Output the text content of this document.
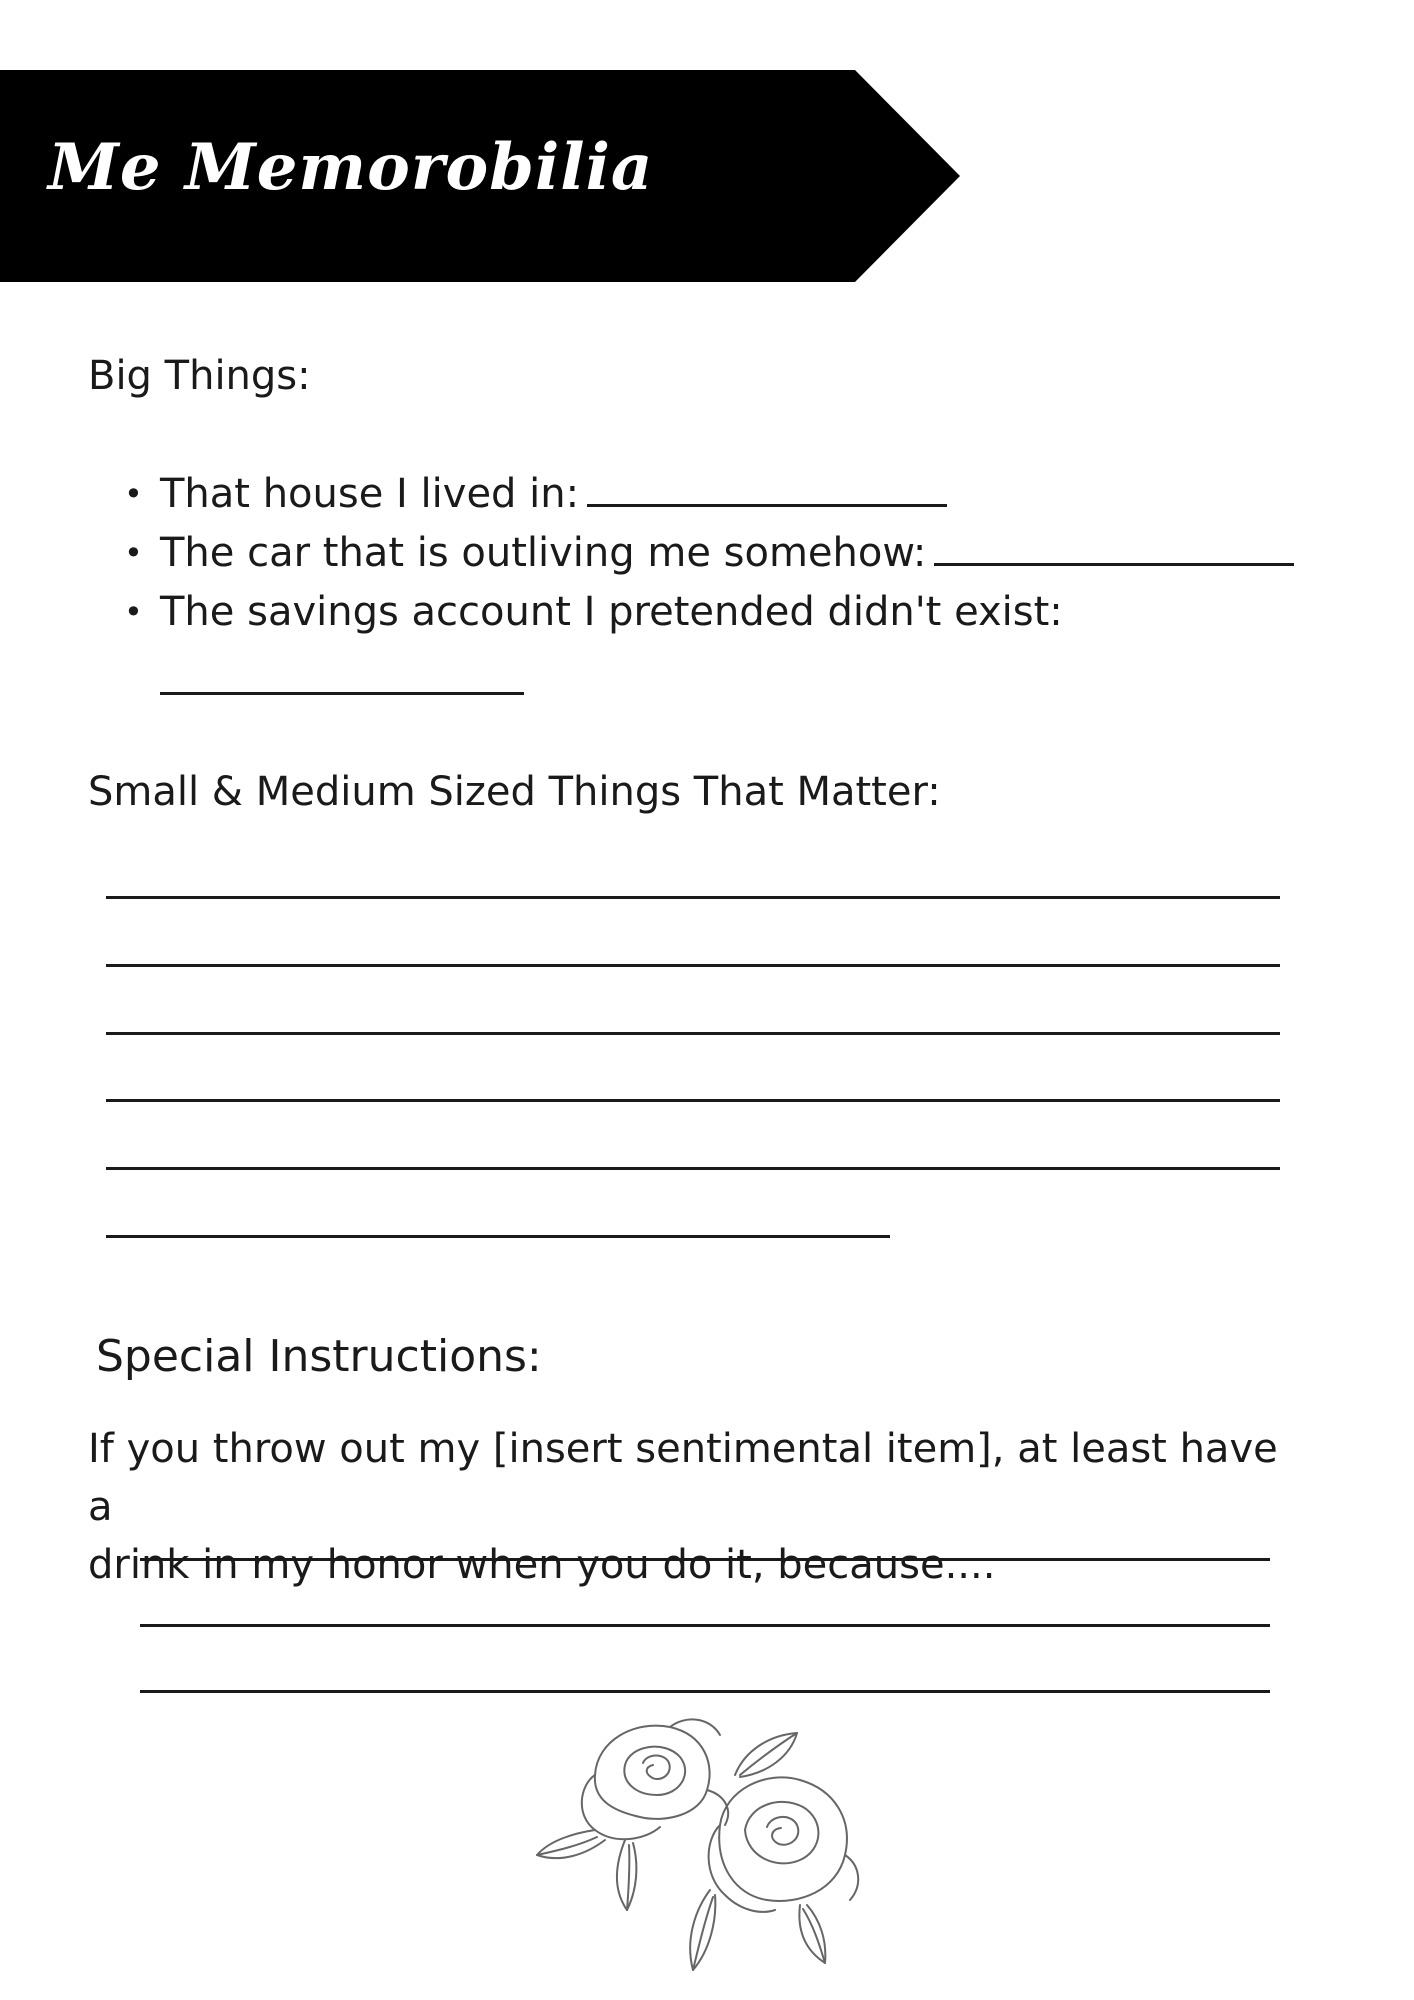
Me Memorobilia
Big Things:
• That house I lived in:
• The car that is outliving me somehow:
• The savings account I pretended didn't exist:
Small & Medium Sized Things That Matter:
Special Instructions:
If you throw out my [insert sentimental item], at least have a
drink in my honor when you do it, because....
